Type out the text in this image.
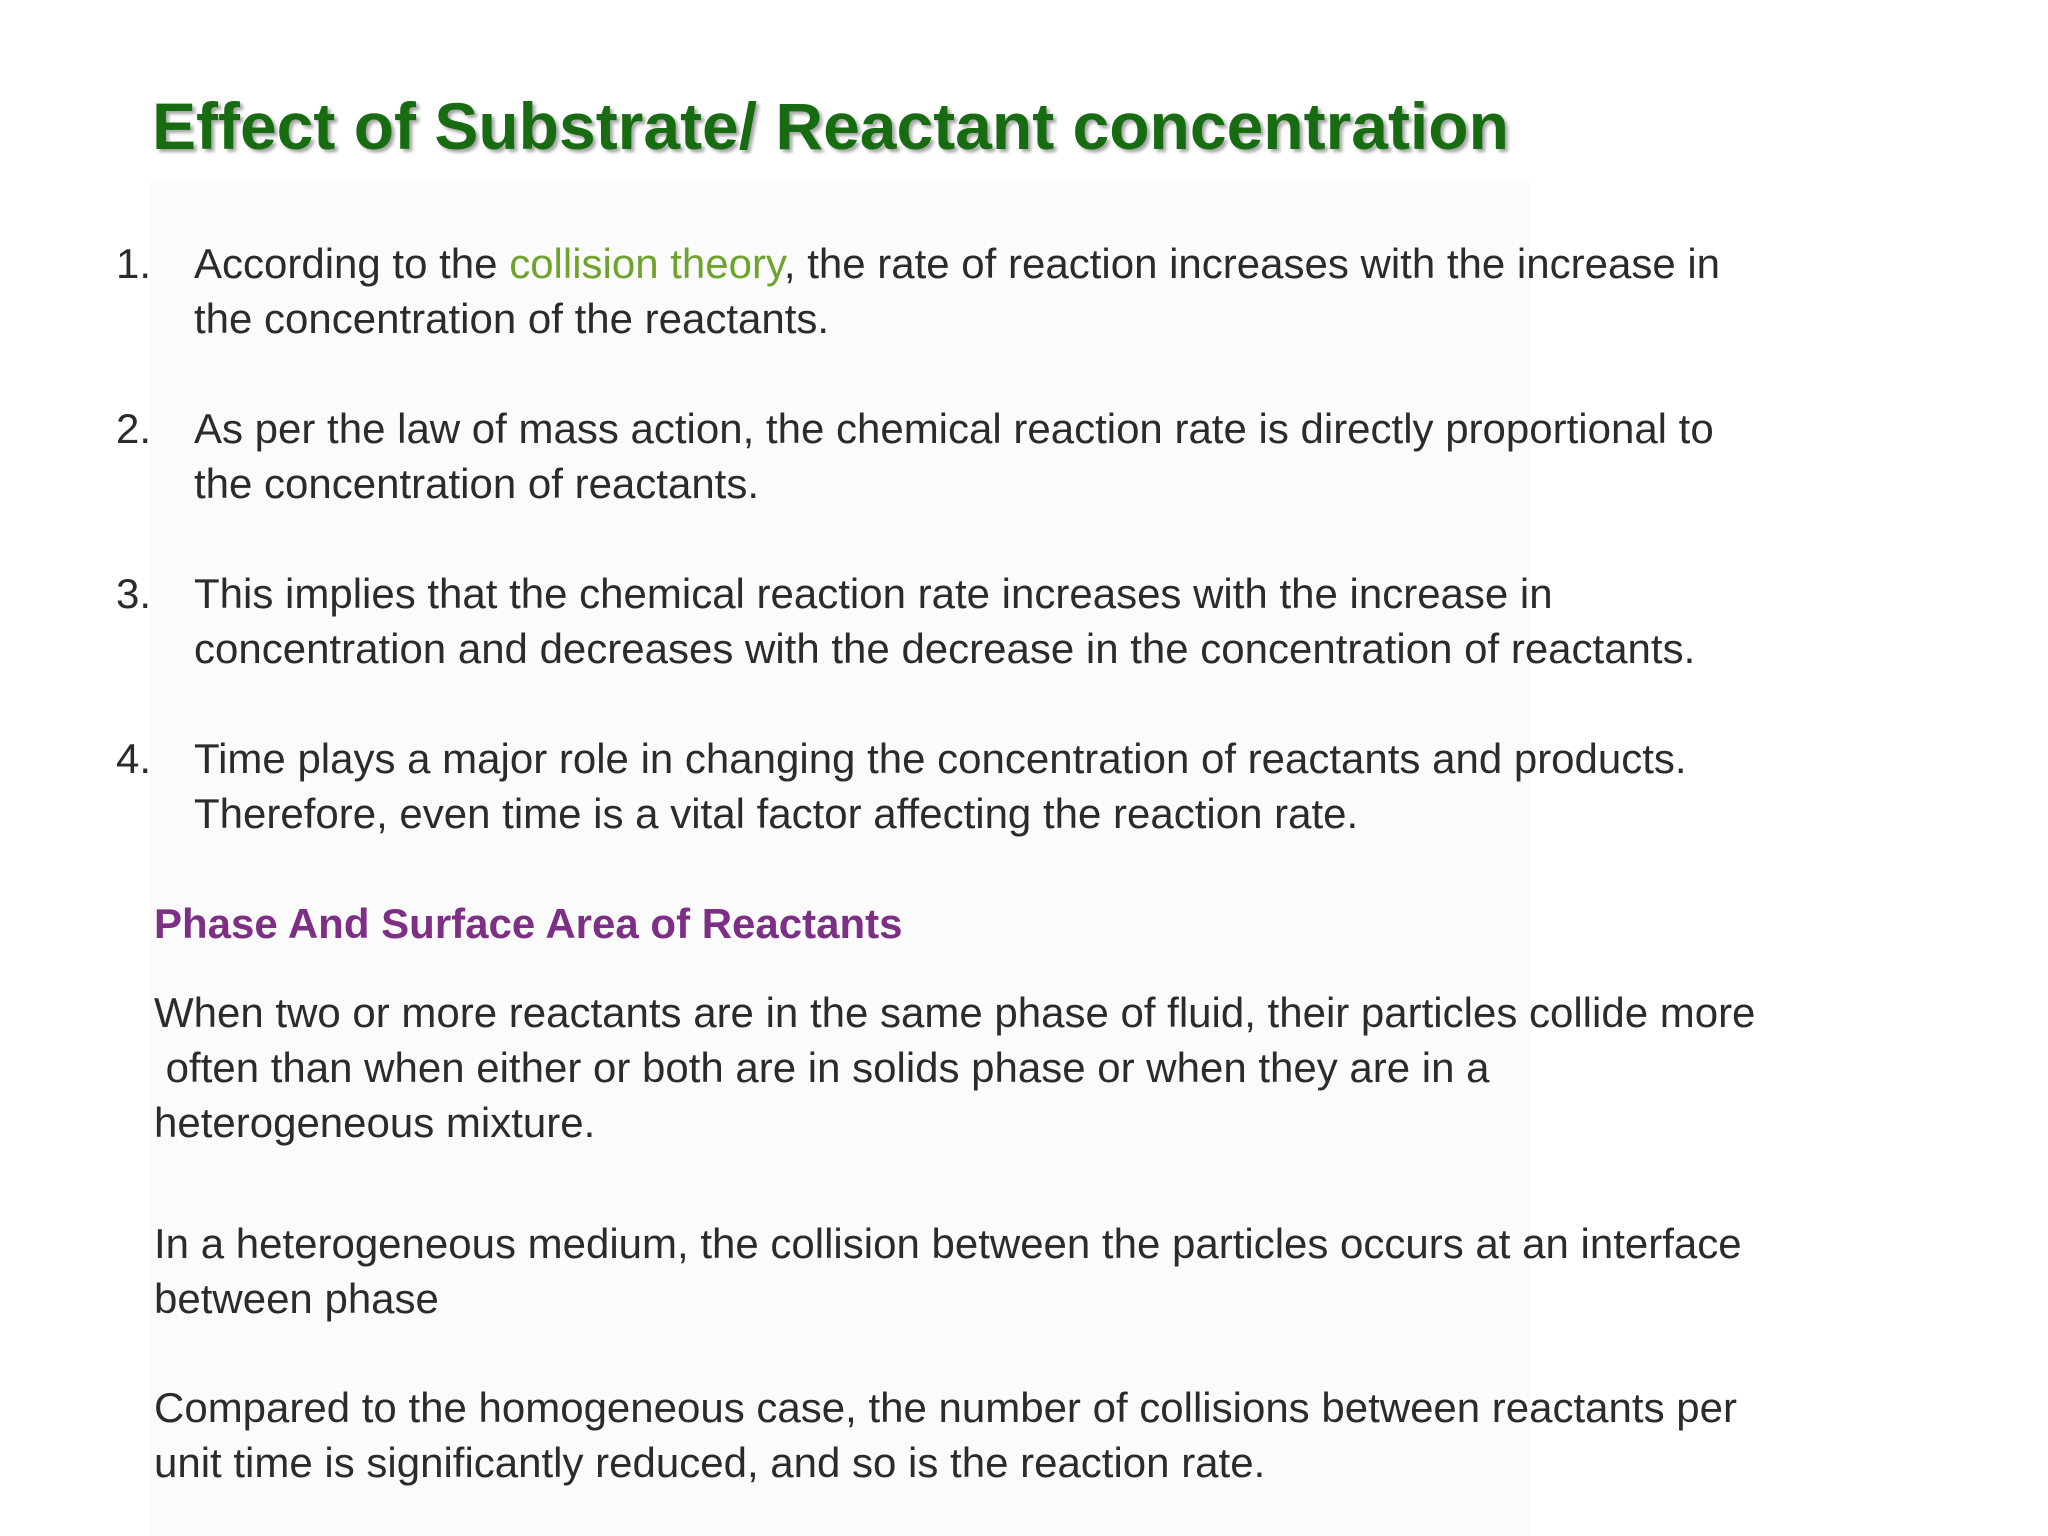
Effect of Substrate/ Reactant concentration
1. According to the collision theory, the rate of reaction increases with the increase in
the concentration of the reactants.
2. As per the law of mass action, the chemical reaction rate is directly proportional to
the concentration of reactants.
3. This implies that the chemical reaction rate increases with the increase in
concentration and decreases with the decrease in the concentration of reactants.
4. Time plays a major role in changing the concentration of reactants and products.
Therefore, even time is a vital factor affecting the reaction rate.
Phase And Surface Area of Reactants
When two or more reactants are in the same phase of fluid, their particles collide more
often than when either or both are in solids phase or when they are in a
heterogeneous mixture.
In a heterogeneous medium, the collision between the particles occurs at an interface
between phase
Compared to the homogeneous case, the number of collisions between reactants per
unit time is significantly reduced, and so is the reaction rate.
